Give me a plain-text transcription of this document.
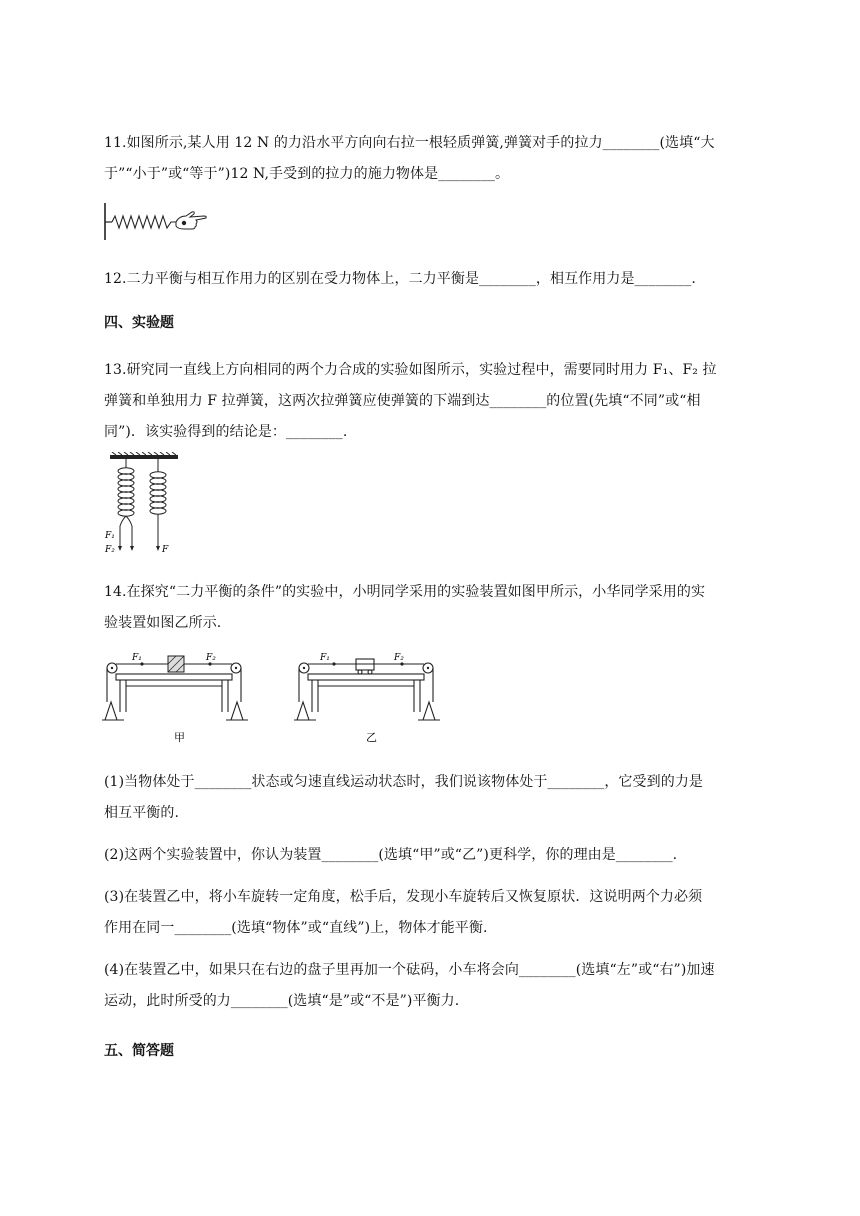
11.如图所示,某人用 12 N 的力沿水平方向向右拉一根轻质弹簧,弹簧对手的拉力________(选填“大
于”“小于”或“等于”)12 N,手受到的拉力的施力物体是________。
12.二力平衡与相互作用力的区别在受力物体上，二力平衡是________，相互作用力是________.
四、实验题
13.研究同一直线上方向相同的两个力合成的实验如图所示，实验过程中，需要同时用力 F₁、F₂ 拉
弹簧和单独用力 F 拉弹簧，这两次拉弹簧应使弹簧的下端到达________的位置(先填“不同”或“相
同”)．该实验得到的结论是：________.
F₁
F₂	F
14.在探究“二力平衡的条件”的实验中，小明同学采用的实验装置如图甲所示，小华同学采用的实
验装置如图乙所示.
F₁	F₂	F₁	F₂
甲	乙
(1)当物体处于________状态或匀速直线运动状态时，我们说该物体处于________，它受到的力是
相互平衡的.
(2)这两个实验装置中，你认为装置________(选填“甲”或“乙”)更科学，你的理由是________.
(3)在装置乙中，将小车旋转一定角度，松手后，发现小车旋转后又恢复原状．这说明两个力必须
作用在同一________(选填“物体”或“直线”)上，物体才能平衡.
(4)在装置乙中，如果只在右边的盘子里再加一个砝码，小车将会向________(选填“左”或“右”)加速
运动，此时所受的力________(选填“是”或“不是”)平衡力.
五、简答题
